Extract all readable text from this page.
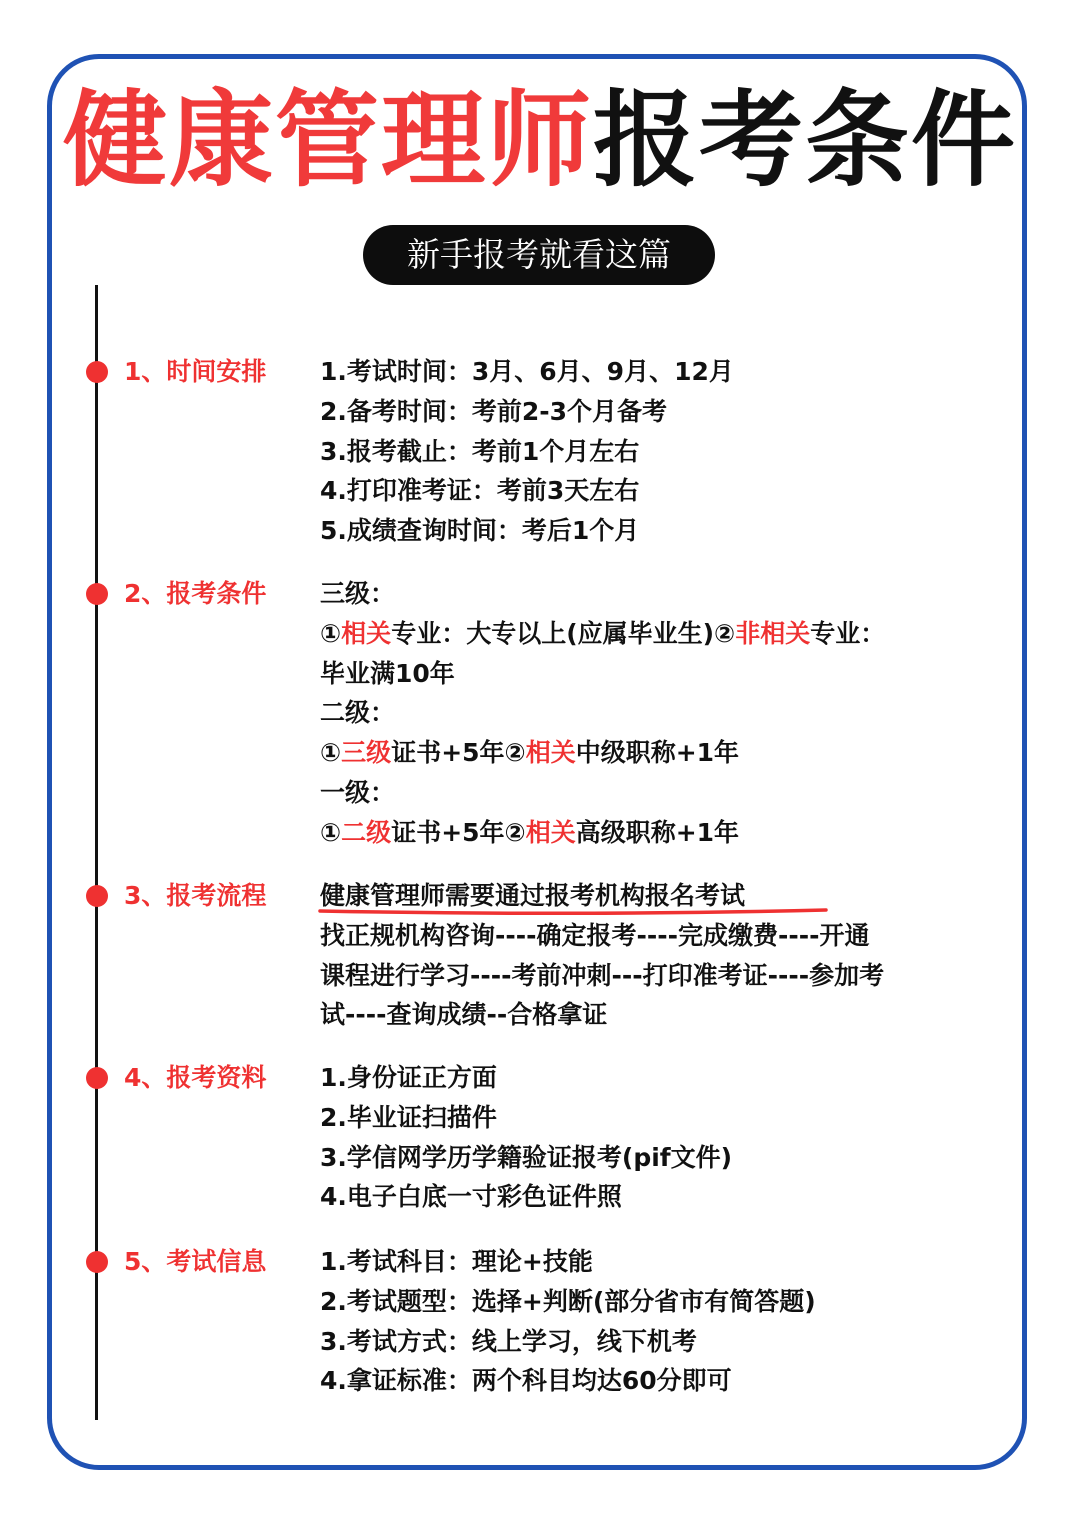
健康管理师报考条件
新手报考就看这篇
1、时间安排 1.考试时间：3月、6月、9月、12月
2.备考时间：考前2-3个月备考
3.报考截止：考前1个月左右
4.打印准考证：考前3天左右
5.成绩查询时间：考后1个月
2、报考条件 三级：
①相关专业：大专以上(应属毕业生)②非相关专业：
毕业满10年
二级：
①三级证书+5年②相关中级职称+1年
一级：
①二级证书+5年②相关高级职称+1年
3、报考流程 健康管理师需要通过报考机构报名考试
找正规机构咨询----确定报考----完成缴费----开通
课程进行学习----考前冲刺---打印准考证----参加考
试----查询成绩--合格拿证
4、报考资料 1.身份证正方面
2.毕业证扫描件
3.学信网学历学籍验证报考(pif文件)
4.电子白底一寸彩色证件照
5、考试信息 1.考试科目：理论+技能
2.考试题型：选择+判断(部分省市有简答题)
3.考试方式：线上学习，线下机考
4.拿证标准：两个科目均达60分即可
